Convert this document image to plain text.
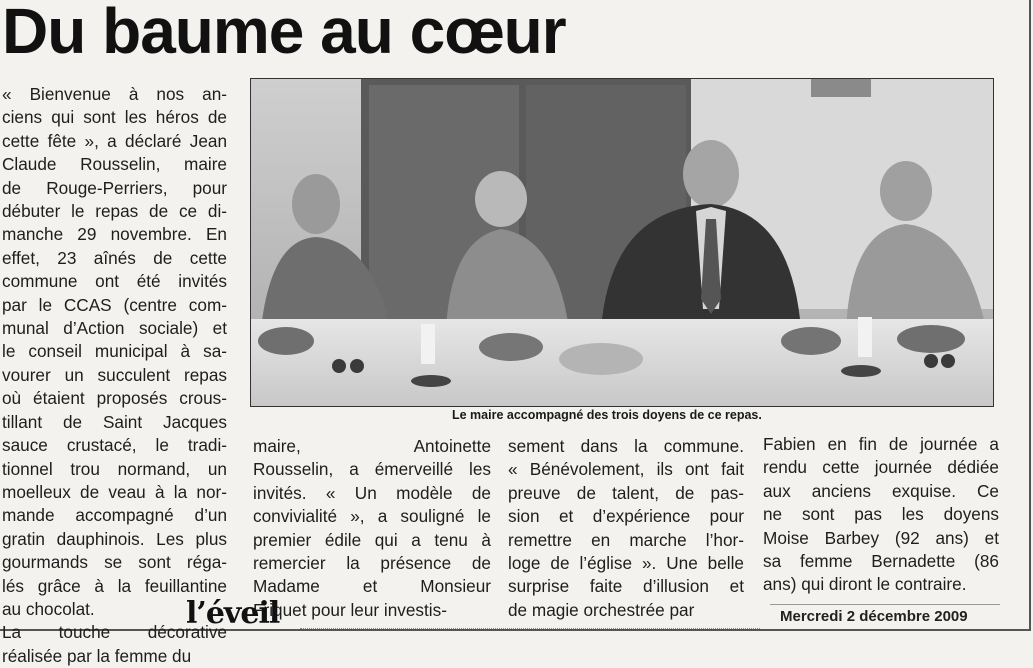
Du baume au cœur
« Bienvenue à nos an-
ciens qui sont les héros de
cette fête », a déclaré Jean
Claude Rousselin, maire
de Rouge-Perriers, pour
débuter le repas de ce di-
manche 29 novembre. En
effet, 23 aînés de cette
commune ont été invités
par le CCAS (centre com-
munal d’Action sociale) et
le conseil municipal à sa-
vourer un succulent repas
où étaient proposés crous-
tillant de Saint Jacques
sauce crustacé, le tradi-
tionnel trou normand, un
moelleux de veau à la nor-
mande accompagné d’un
gratin dauphinois. Les plus
gourmands se sont réga-
lés grâce à la feuillantine
au chocolat.
La touche décorative
réalisée par la femme du
Le maire accompagné des trois doyens de ce repas.
maire, Antoinette
Rousselin, a émerveillé les
invités. « Un modèle de
convivialité », a souligné le
premier édile qui a tenu à
remercier la présence de
Madame et Monsieur
Friquet pour leur investis-
sement dans la commune.
« Bénévolement, ils ont fait
preuve de talent, de pas-
sion et d’expérience pour
remettre en marche l’hor-
loge de l’église ». Une belle
surprise faite d’illusion et
de magie orchestrée par
Fabien en fin de journée a
rendu cette journée dédiée
aux anciens exquise. Ce
ne sont pas les doyens
Moise Barbey (92 ans) et
sa femme Bernadette (86
ans) qui diront le contraire.
l’éveil	Mercredi 2 décembre 2009
